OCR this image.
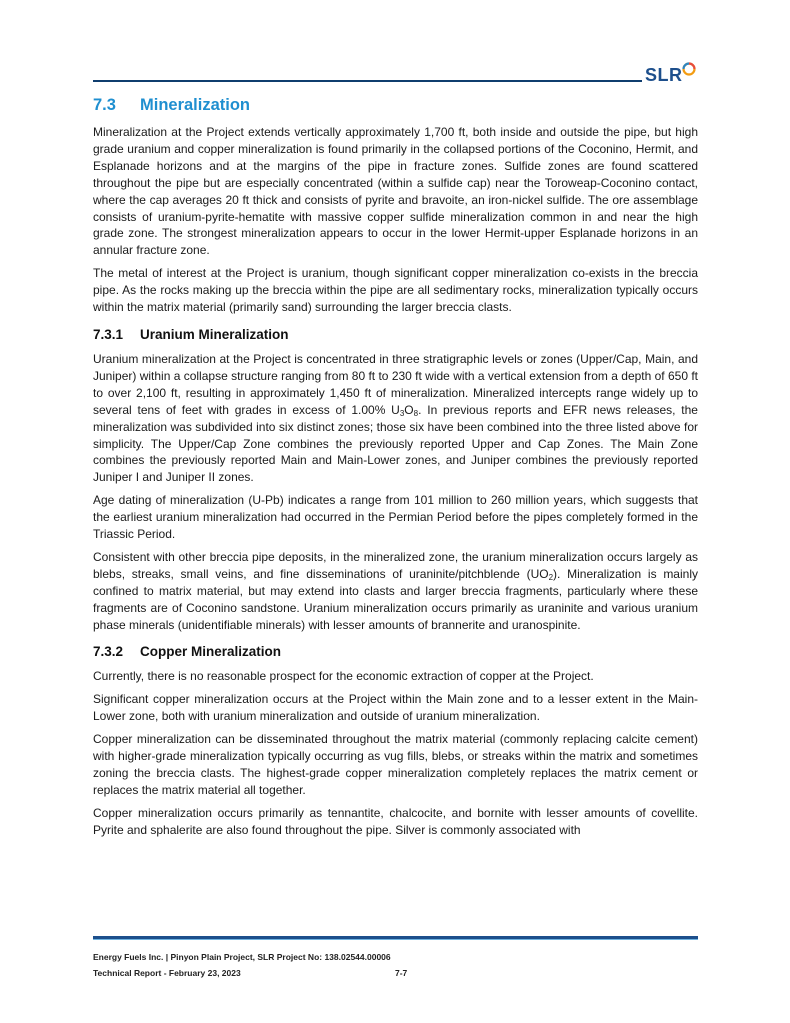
SLR
7.3 Mineralization

Mineralization at the Project extends vertically approximately 1,700 ft, both inside and outside the pipe, but high grade uranium and copper mineralization is found primarily in the collapsed portions of the Coconino, Hermit, and Esplanade horizons and at the margins of the pipe in fracture zones. Sulfide zones are found scattered throughout the pipe but are especially concentrated (within a sulfide cap) near the Toroweap-Coconino contact, where the cap averages 20 ft thick and consists of pyrite and bravoite, an iron-nickel sulfide. The ore assemblage consists of uranium-pyrite-hematite with massive copper sulfide mineralization common in and near the high grade zone. The strongest mineralization appears to occur in the lower Hermit-upper Esplanade horizons in an annular fracture zone.

The metal of interest at the Project is uranium, though significant copper mineralization co-exists in the breccia pipe. As the rocks making up the breccia within the pipe are all sedimentary rocks, mineralization typically occurs within the matrix material (primarily sand) surrounding the larger breccia clasts.

7.3.1 Uranium Mineralization

Uranium mineralization at the Project is concentrated in three stratigraphic levels or zones (Upper/Cap, Main, and Juniper) within a collapse structure ranging from 80 ft to 230 ft wide with a vertical extension from a depth of 650 ft to over 2,100 ft, resulting in approximately 1,450 ft of mineralization. Mineralized intercepts range widely up to several tens of feet with grades in excess of 1.00% $U_3O_8$. In previous reports and EFR news releases, the mineralization was subdivided into six distinct zones; those six have been combined into the three listed above for simplicity. The Upper/Cap Zone combines the previously reported Upper and Cap Zones. The Main Zone combines the previously reported Main and Main-Lower zones, and Juniper combines the previously reported Juniper I and Juniper II zones.

Age dating of mineralization (U-Pb) indicates a range from 101 million to 260 million years, which suggests that the earliest uranium mineralization had occurred in the Permian Period before the pipes completely formed in the Triassic Period.

Consistent with other breccia pipe deposits, in the mineralized zone, the uranium mineralization occurs largely as blebs, streaks, small veins, and fine disseminations of uraninite/pitchblende $(UO_2)$. Mineralization is mainly confined to matrix material, but may extend into clasts and larger breccia fragments, particularly where these fragments are of Coconino sandstone. Uranium mineralization occurs primarily as uraninite and various uranium phase minerals (unidentifiable minerals) with lesser amounts of brannerite and uranospinite.

7.3.2 Copper Mineralization

Currently, there is no reasonable prospect for the economic extraction of copper at the Project.

Significant copper mineralization occurs at the Project within the Main zone and to a lesser extent in the Main-Lower zone, both with uranium mineralization and outside of uranium mineralization.

Copper mineralization can be disseminated throughout the matrix material (commonly replacing calcite cement) with higher-grade mineralization typically occurring as vug fills, blebs, or streaks within the matrix and sometimes zoning the breccia clasts. The highest-grade copper mineralization completely replaces the matrix cement or replaces the matrix material all together.

Copper mineralization occurs primarily as tennantite, chalcocite, and bornite with lesser amounts of covellite. Pyrite and sphalerite are also found throughout the pipe. Silver is commonly associated with

Energy Fuels Inc. | Pinyon Plain Project, SLR Project No: 138.02544.00006
Technical Report - February 23, 2023	7-7
